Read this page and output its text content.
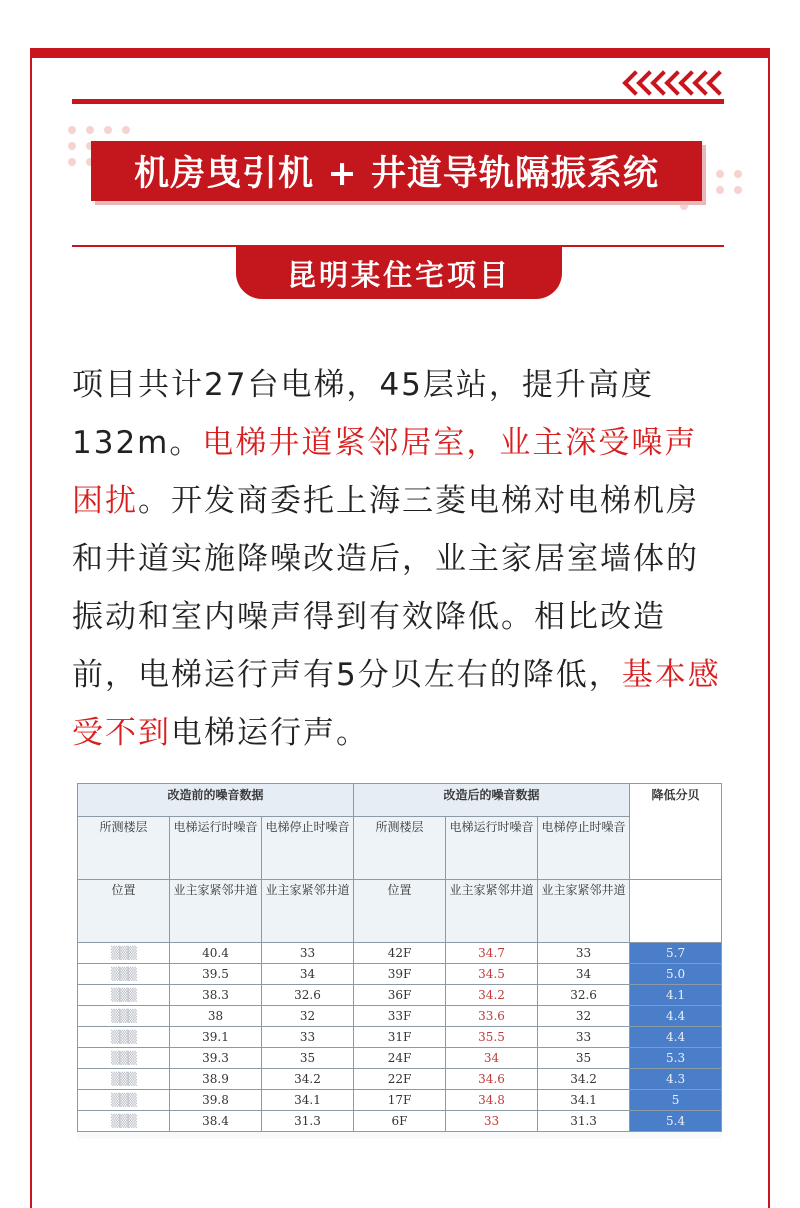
机房曳引机 + 井道导轨隔振系统
昆明某住宅项目
项目共计27台电梯，45层站，提升高度132m。电梯井道紧邻居室，业主深受噪声困扰。开发商委托上海三菱电梯对电梯机房和井道实施降噪改造后，业主家居室墙体的振动和室内噪声得到有效降低。相比改造前，电梯运行声有5分贝左右的降低，基本感受不到电梯运行声。
改造前的噪音数据			改造后的噪音数据			降低分贝
所测楼层	电梯运行时噪音	电梯停止时噪音	所测楼层	电梯运行时噪音	电梯停止时噪音	
位置	业主家紧邻井道	业主家紧邻井道	位置	业主家紧邻井道	业主家紧邻井道	
▒▒▒	40.4	33	42F	34.7	33	5.7
▒▒▒	39.5	34	39F	34.5	34	5.0
▒▒▒	38.3	32.6	36F	34.2	32.6	4.1
▒▒▒	38	32	33F	33.6	32	4.4
▒▒▒	39.1	33	31F	35.5	33	4.4
▒▒▒	39.3	35	24F	34	35	5.3
▒▒▒	38.9	34.2	22F	34.6	34.2	4.3
▒▒▒	39.8	34.1	17F	34.8	34.1	5
▒▒▒	38.4	31.3	6F	33	31.3	5.4
